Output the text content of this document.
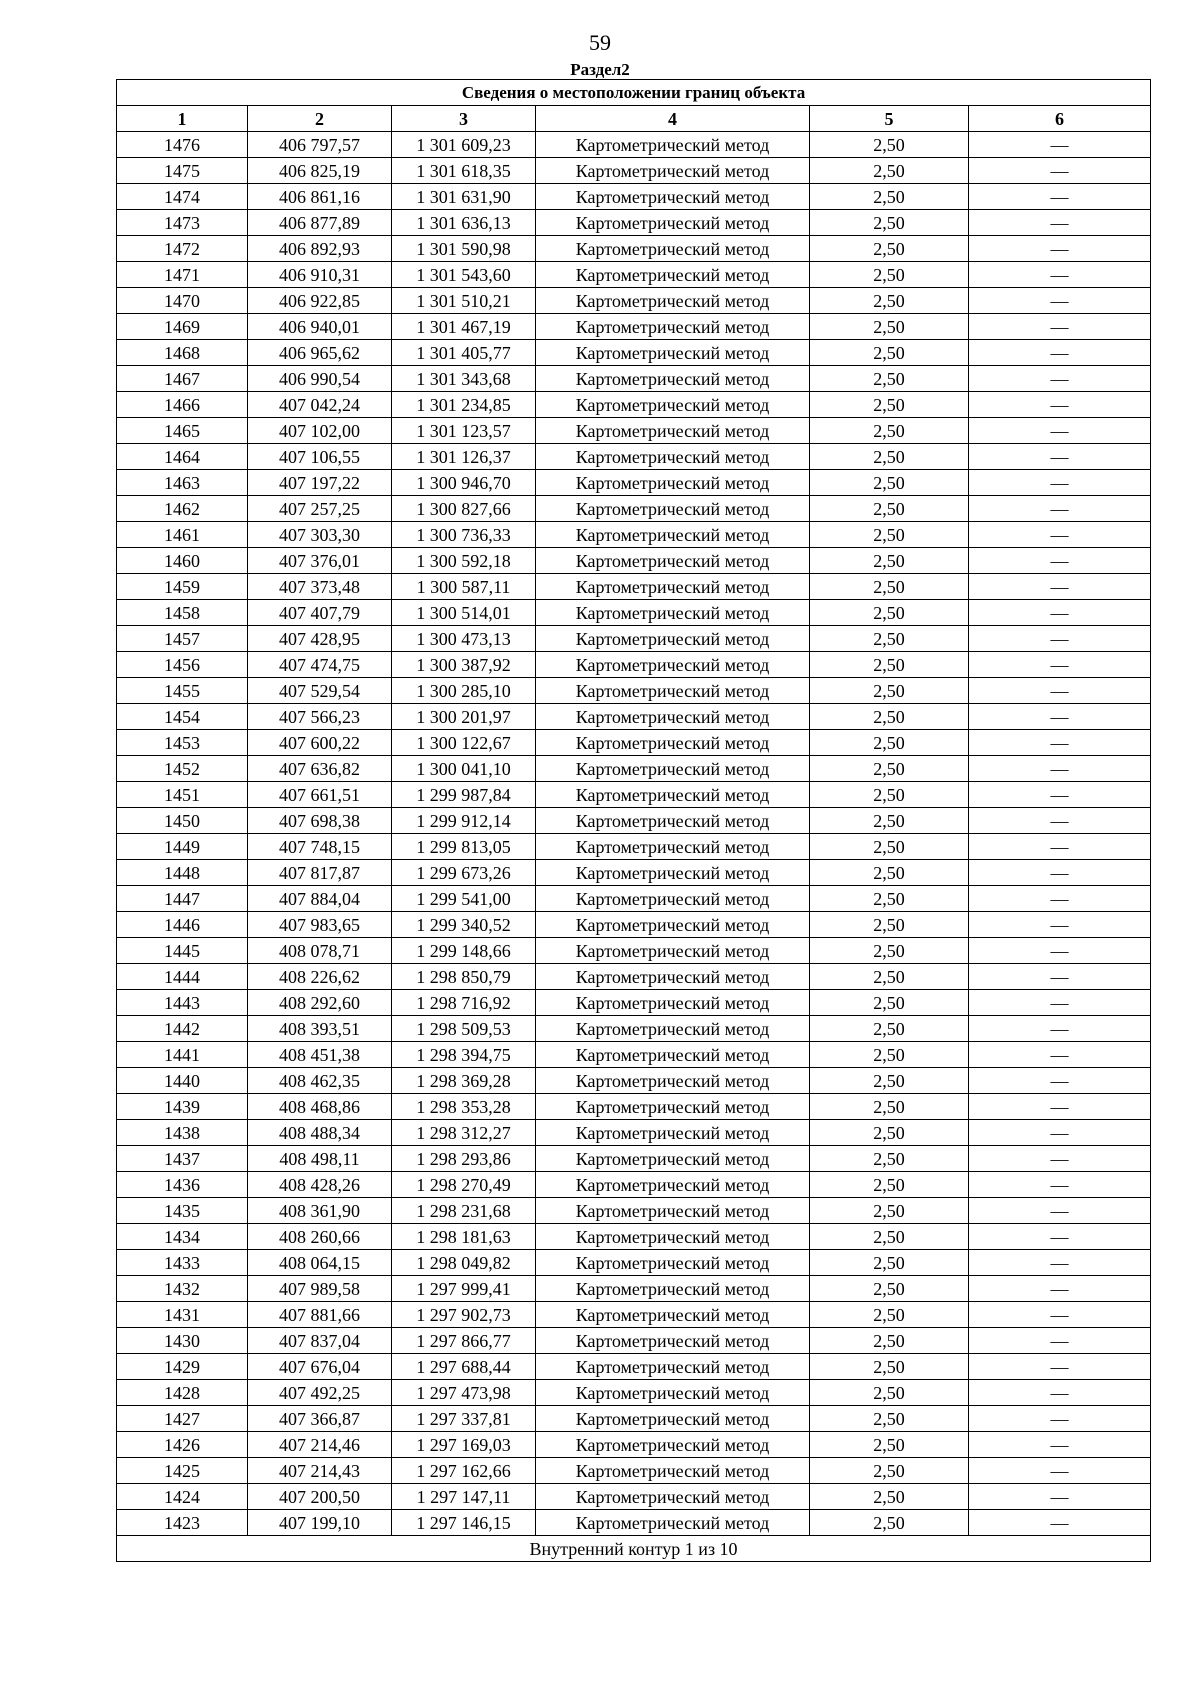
59
Раздел2
Сведения о местоположении границ объекта					
1	2	3	4	5	6
1476	406 797,57	1 301 609,23	Картометрический метод	2,50	—
1475	406 825,19	1 301 618,35	Картометрический метод	2,50	—
1474	406 861,16	1 301 631,90	Картометрический метод	2,50	—
1473	406 877,89	1 301 636,13	Картометрический метод	2,50	—
1472	406 892,93	1 301 590,98	Картометрический метод	2,50	—
1471	406 910,31	1 301 543,60	Картометрический метод	2,50	—
1470	406 922,85	1 301 510,21	Картометрический метод	2,50	—
1469	406 940,01	1 301 467,19	Картометрический метод	2,50	—
1468	406 965,62	1 301 405,77	Картометрический метод	2,50	—
1467	406 990,54	1 301 343,68	Картометрический метод	2,50	—
1466	407 042,24	1 301 234,85	Картометрический метод	2,50	—
1465	407 102,00	1 301 123,57	Картометрический метод	2,50	—
1464	407 106,55	1 301 126,37	Картометрический метод	2,50	—
1463	407 197,22	1 300 946,70	Картометрический метод	2,50	—
1462	407 257,25	1 300 827,66	Картометрический метод	2,50	—
1461	407 303,30	1 300 736,33	Картометрический метод	2,50	—
1460	407 376,01	1 300 592,18	Картометрический метод	2,50	—
1459	407 373,48	1 300 587,11	Картометрический метод	2,50	—
1458	407 407,79	1 300 514,01	Картометрический метод	2,50	—
1457	407 428,95	1 300 473,13	Картометрический метод	2,50	—
1456	407 474,75	1 300 387,92	Картометрический метод	2,50	—
1455	407 529,54	1 300 285,10	Картометрический метод	2,50	—
1454	407 566,23	1 300 201,97	Картометрический метод	2,50	—
1453	407 600,22	1 300 122,67	Картометрический метод	2,50	—
1452	407 636,82	1 300 041,10	Картометрический метод	2,50	—
1451	407 661,51	1 299 987,84	Картометрический метод	2,50	—
1450	407 698,38	1 299 912,14	Картометрический метод	2,50	—
1449	407 748,15	1 299 813,05	Картометрический метод	2,50	—
1448	407 817,87	1 299 673,26	Картометрический метод	2,50	—
1447	407 884,04	1 299 541,00	Картометрический метод	2,50	—
1446	407 983,65	1 299 340,52	Картометрический метод	2,50	—
1445	408 078,71	1 299 148,66	Картометрический метод	2,50	—
1444	408 226,62	1 298 850,79	Картометрический метод	2,50	—
1443	408 292,60	1 298 716,92	Картометрический метод	2,50	—
1442	408 393,51	1 298 509,53	Картометрический метод	2,50	—
1441	408 451,38	1 298 394,75	Картометрический метод	2,50	—
1440	408 462,35	1 298 369,28	Картометрический метод	2,50	—
1439	408 468,86	1 298 353,28	Картометрический метод	2,50	—
1438	408 488,34	1 298 312,27	Картометрический метод	2,50	—
1437	408 498,11	1 298 293,86	Картометрический метод	2,50	—
1436	408 428,26	1 298 270,49	Картометрический метод	2,50	—
1435	408 361,90	1 298 231,68	Картометрический метод	2,50	—
1434	408 260,66	1 298 181,63	Картометрический метод	2,50	—
1433	408 064,15	1 298 049,82	Картометрический метод	2,50	—
1432	407 989,58	1 297 999,41	Картометрический метод	2,50	—
1431	407 881,66	1 297 902,73	Картометрический метод	2,50	—
1430	407 837,04	1 297 866,77	Картометрический метод	2,50	—
1429	407 676,04	1 297 688,44	Картометрический метод	2,50	—
1428	407 492,25	1 297 473,98	Картометрический метод	2,50	—
1427	407 366,87	1 297 337,81	Картометрический метод	2,50	—
1426	407 214,46	1 297 169,03	Картометрический метод	2,50	—
1425	407 214,43	1 297 162,66	Картометрический метод	2,50	—
1424	407 200,50	1 297 147,11	Картометрический метод	2,50	—
1423	407 199,10	1 297 146,15	Картометрический метод	2,50	—
Внутренний контур 1 из 10					
